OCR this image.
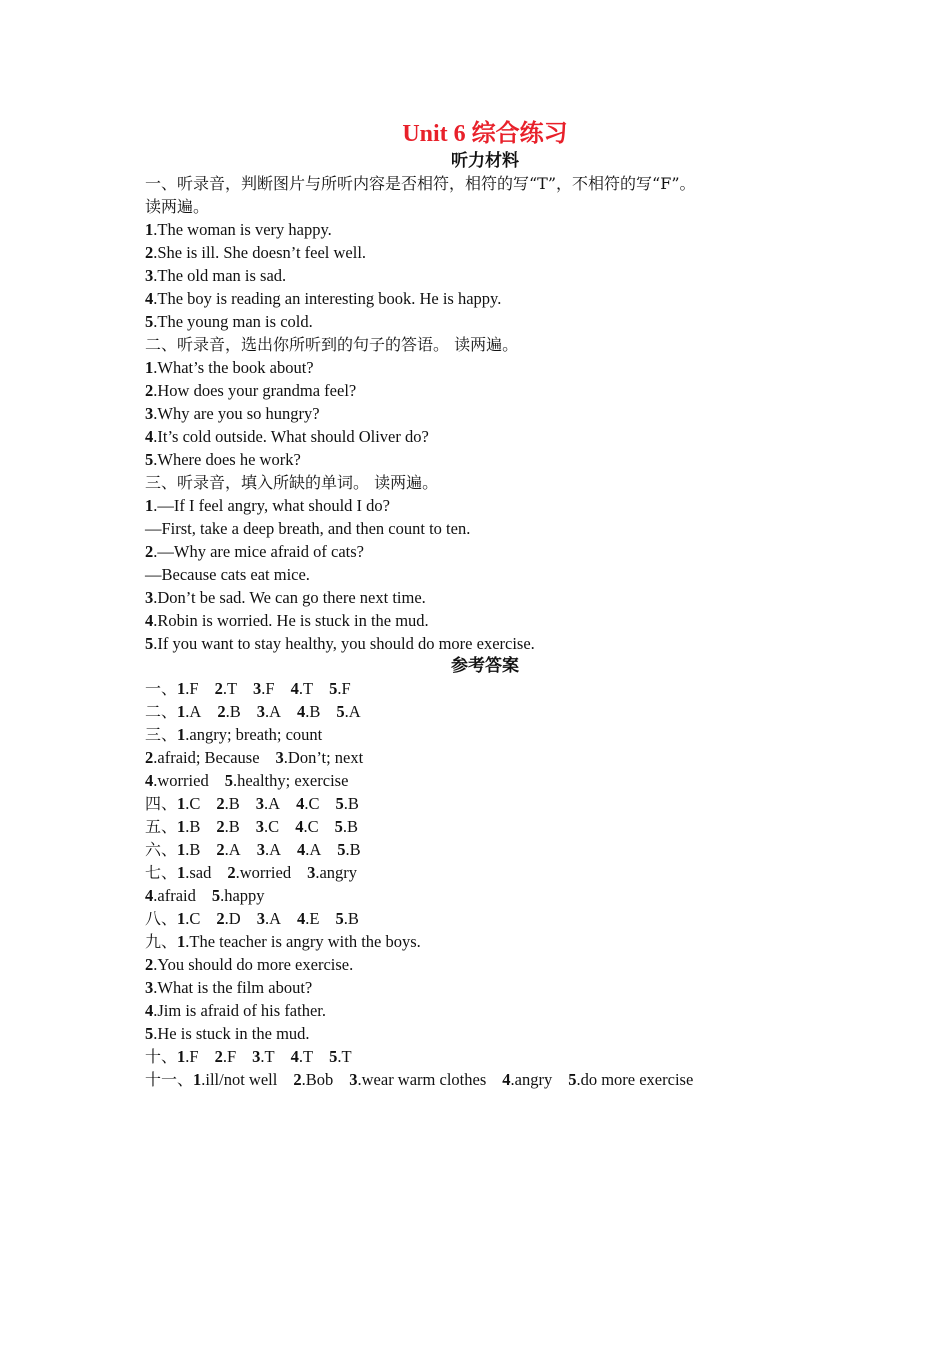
Unit 6 综合练习
听力材料
一、听录音，判断图片与所听内容是否相符，相符的写“T”，不相符的写“F”。
读两遍。
1.The woman is very happy.
2.She is ill. She doesn’t feel well.
3.The old man is sad.
4.The boy is reading an interesting book. He is happy.
5.The young man is cold.
二、听录音，选出你所听到的句子的答语。 读两遍。
1.What’s the book about?
2.How does your grandma feel?
3.Why are you so hungry?
4.It’s cold outside. What should Oliver do?
5.Where does he work?
三、听录音，填入所缺的单词。 读两遍。
1.—If I feel angry, what should I do?
—First, take a deep breath, and then count to ten.
2.—Why are mice afraid of cats?
—Because cats eat mice.
3.Don’t be sad. We can go there next time.
4.Robin is worried. He is stuck in the mud.
5.If you want to stay healthy, you should do more exercise.
参考答案
一、1.F 2.T 3.F 4.T 5.F
二、1.A 2.B 3.A 4.B 5.A
三、1.angry; breath; count
2.afraid; Because 3.Don’t; next
4.worried 5.healthy; exercise
四、1.C 2.B 3.A 4.C 5.B
五、1.B 2.B 3.C 4.C 5.B
六、1.B 2.A 3.A 4.A 5.B
七、1.sad 2.worried 3.angry
4.afraid 5.happy
八、1.C 2.D 3.A 4.E 5.B
九、1.The teacher is angry with the boys.
2.You should do more exercise.
3.What is the film about?
4.Jim is afraid of his father.
5.He is stuck in the mud.
十、1.F 2.F 3.T 4.T 5.T
十一、1.ill/not well 2.Bob 3.wear warm clothes 4.angry 5.do more exercise
